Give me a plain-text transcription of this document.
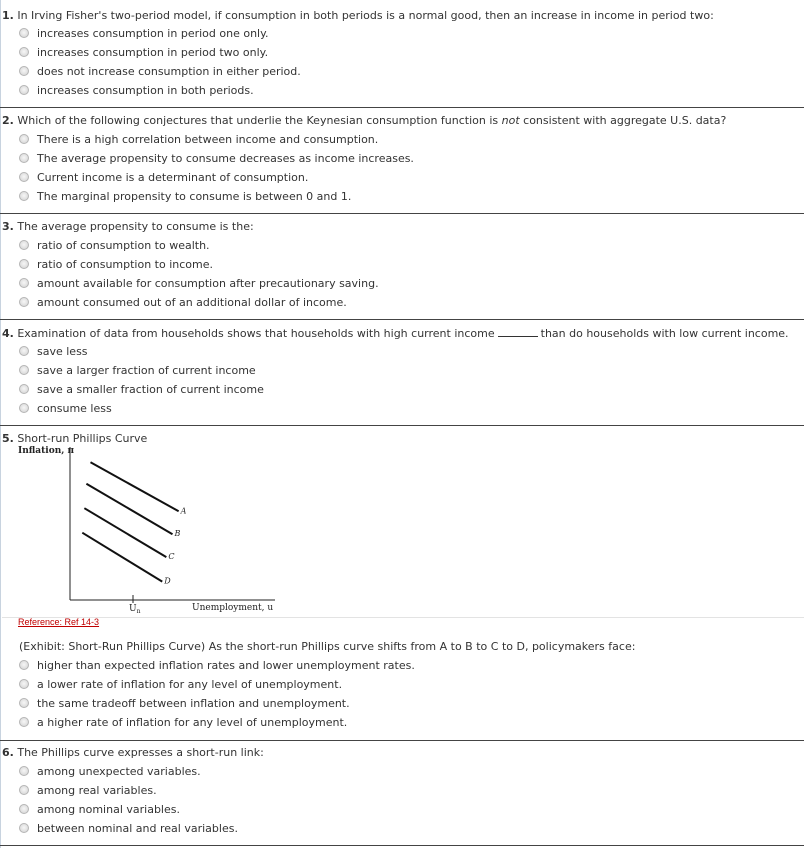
1. In Irving Fisher's two-period model, if consumption in both periods is a normal good, then an increase in income in period two:
increases consumption in period one only.
increases consumption in period two only.
does not increase consumption in either period.
increases consumption in both periods.
2. Which of the following conjectures that underlie the Keynesian consumption function is not consistent with aggregate U.S. data?
There is a high correlation between income and consumption.
The average propensity to consume decreases as income increases.
Current income is a determinant of consumption.
The marginal propensity to consume is between 0 and 1.
3. The average propensity to consume is the:
ratio of consumption to wealth.
ratio of consumption to income.
amount available for consumption after precautionary saving.
amount consumed out of an additional dollar of income.
4. Examination of data from households shows that households with high current income	than do households with low current income.
save less
save a larger fraction of current income
save a smaller fraction of current income
consume less
5. Short-run Phillips Curve
Inflation, π
$U_n$	Unemployment, u
A
B
C
D
Reference: Ref 14-3
(Exhibit: Short-Run Phillips Curve) As the short-run Phillips curve shifts from A to B to C to D, policymakers face:
higher than expected inflation rates and lower unemployment rates.
a lower rate of inflation for any level of unemployment.
the same tradeoff between inflation and unemployment.
a higher rate of inflation for any level of unemployment.
6. The Phillips curve expresses a short-run link:
among unexpected variables.
among real variables.
among nominal variables.
between nominal and real variables.
